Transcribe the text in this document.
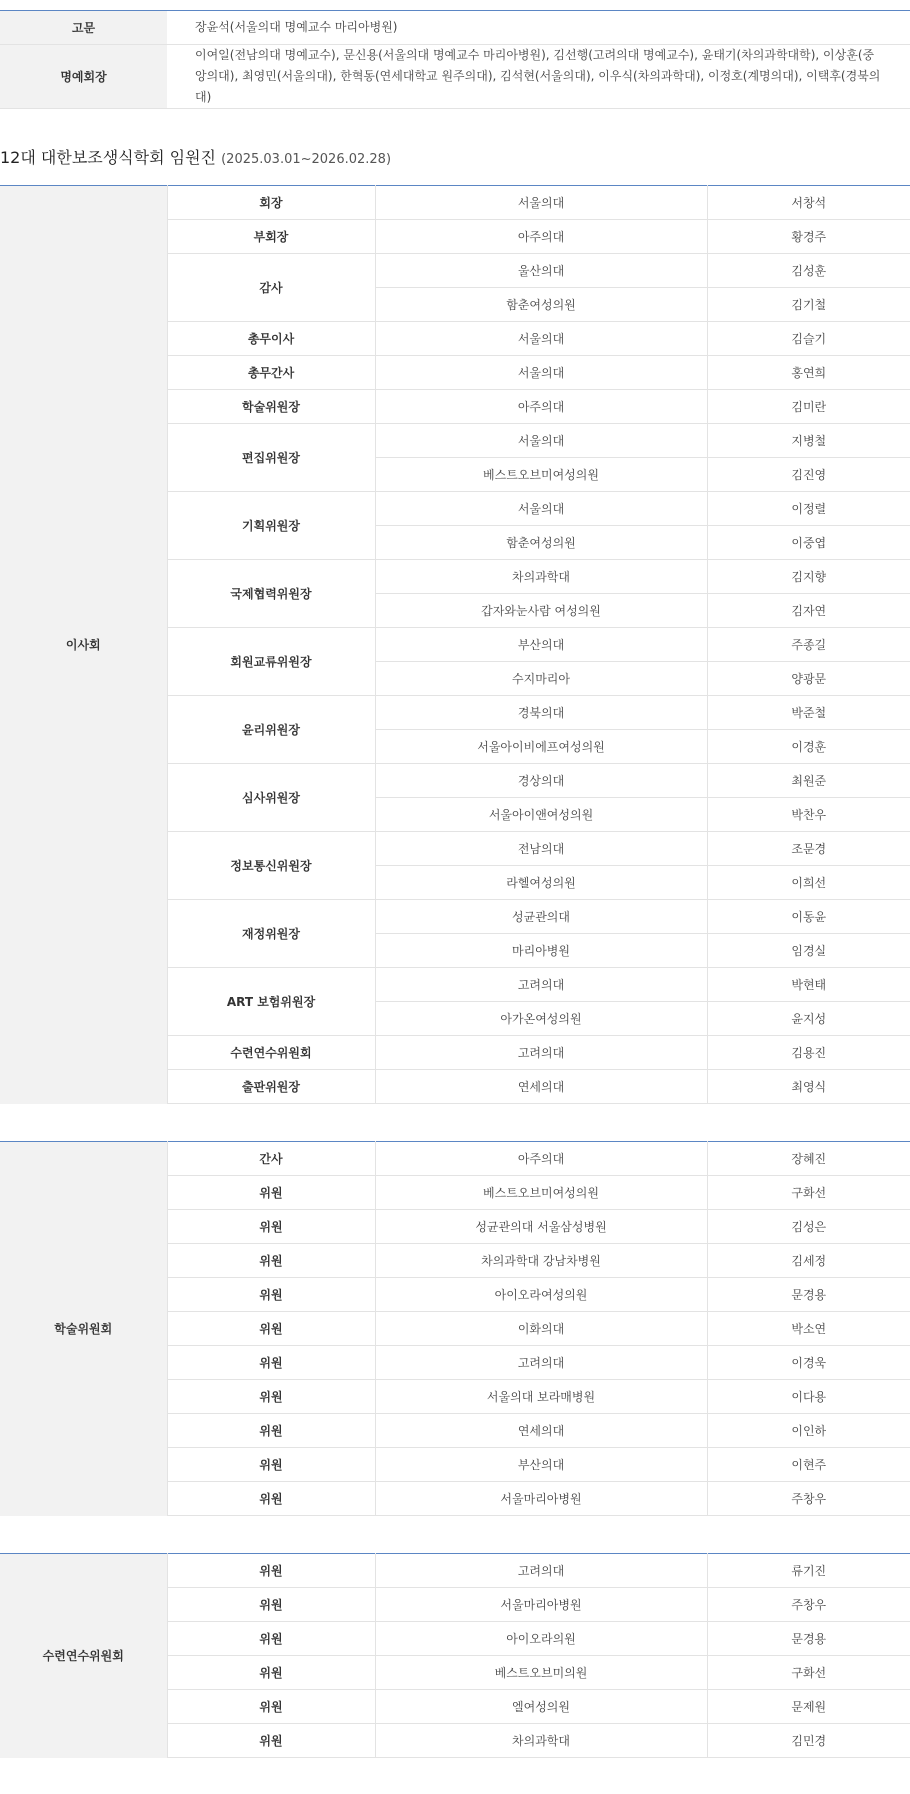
고문	장윤석(서울의대 명예교수 마리아병원)
명예회장	이여일(전남의대 명예교수), 문신용(서울의대 명예교수 마리아병원), 김선행(고려의대 명예교수), 윤태기(차의과학대학), 이상훈(중앙의대), 최영민(서울의대), 한혁동(연세대학교 원주의대), 김석현(서울의대), 이우식(차의과학대), 이정호(계명의대), 이택후(경북의대)
12대 대한보조생식학회 임원진 (2025.03.01~2026.02.28)
이사회	회장	서울의대	서창석
	부회장	아주의대	황경주
	감사	울산의대	김성훈
		함춘여성의원	김기철
	총무이사	서울의대	김슬기
	총무간사	서울의대	홍연희
	학술위원장	아주의대	김미란
	편집위원장	서울의대	지병철
		베스트오브미여성의원	김진영
	기획위원장	서울의대	이정렬
		함춘여성의원	이중엽
	국제협력위원장	차의과학대	김지향
		갑자와눈사람 여성의원	김자연
	회원교류위원장	부산의대	주종길
		수지마리아	양광문
	윤리위원장	경북의대	박준철
		서울아이비에프여성의원	이경훈
	심사위원장	경상의대	최원준
		서울아이앤여성의원	박찬우
	정보통신위원장	전남의대	조문경
		라헬여성의원	이희선
	재정위원장	성균관의대	이동윤
		마리아병원	임경실
	ART 보험위원장	고려의대	박현태
		아가온여성의원	윤지성
	수련연수위원회	고려의대	김용진
	출판위원장	연세의대	최영식
학술위원회	간사	아주의대	장혜진
	위원	베스트오브미여성의원	구화선
	위원	성균관의대 서울삼성병원	김성은
	위원	차의과학대 강남차병원	김세정
	위원	아이오라여성의원	문경용
	위원	이화의대	박소연
	위원	고려의대	이경욱
	위원	서울의대 보라매병원	이다용
	위원	연세의대	이인하
	위원	부산의대	이현주
	위원	서울마리아병원	주창우
수련연수위원회	위원	고려의대	류기진
	위원	서울마리아병원	주창우
	위원	아이오라의원	문경용
	위원	베스트오브미의원	구화선
	위원	엘여성의원	문제원
	위원	차의과학대	김민경
